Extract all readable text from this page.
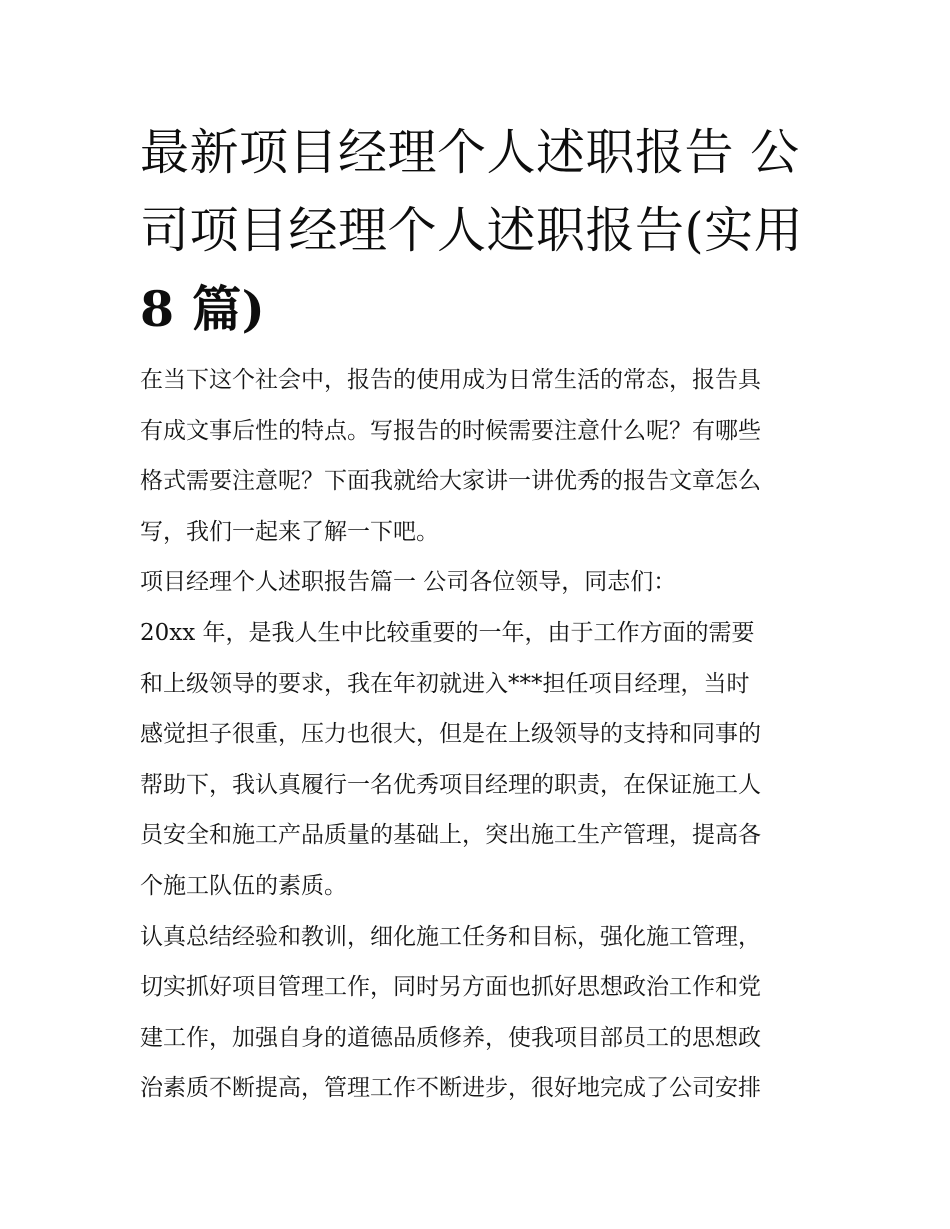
最新项目经理个人述职报告 公
司项目经理个人述职报告(实用
8 篇)

在当下这个社会中，报告的使用成为日常生活的常态，报告具
有成文事后性的特点。写报告的时候需要注意什么呢？有哪些
格式需要注意呢？下面我就给大家讲一讲优秀的报告文章怎么
写，我们一起来了解一下吧。

项目经理个人述职报告篇一 公司各位领导，同志们：

20xx 年，是我人生中比较重要的一年，由于工作方面的需要
和上级领导的要求，我在年初就进入***担任项目经理，当时
感觉担子很重，压力也很大，但是在上级领导的支持和同事的
帮助下，我认真履行一名优秀项目经理的职责，在保证施工人
员安全和施工产品质量的基础上，突出施工生产管理，提高各
个施工队伍的素质。

认真总结经验和教训，细化施工任务和目标，强化施工管理，
切实抓好项目管理工作，同时另方面也抓好思想政治工作和党
建工作，加强自身的道德品质修养，使我项目部员工的思想政
治素质不断提高，管理工作不断进步，很好地完成了公司安排
